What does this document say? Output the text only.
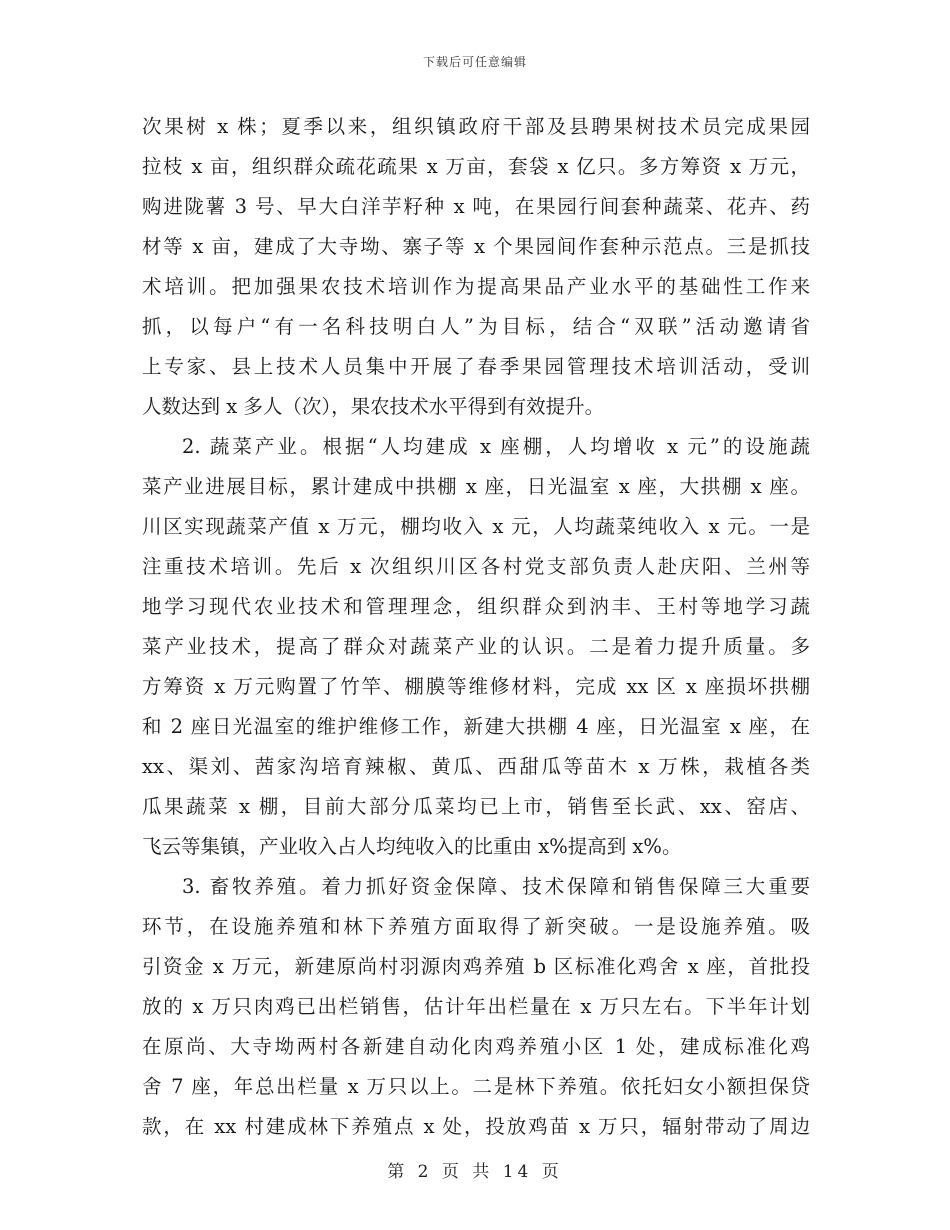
下载后可任意编辑
次果树 x 株；夏季以来，组织镇政府干部及县聘果树技术员完成果园
拉枝 x 亩，组织群众疏花疏果 x 万亩，套袋 x 亿只。多方筹资 x 万元，
购进陇薯 3 号、早大白洋芋籽种 x 吨，在果园行间套种蔬菜、花卉、药
材等 x 亩，建成了大寺坳、寨子等 x 个果园间作套种示范点。三是抓技
术培训。把加强果农技术培训作为提高果品产业水平的基础性工作来
抓，以每户“有一名科技明白人”为目标，结合“双联”活动邀请省
上专家、县上技术人员集中开展了春季果园管理技术培训活动，受训
人数达到 x 多人（次），果农技术水平得到有效提升。
2. 蔬菜产业。根据“人均建成 x 座棚，人均增收 x 元”的设施蔬
菜产业进展目标，累计建成中拱棚 x 座，日光温室 x 座，大拱棚 x 座。
川区实现蔬菜产值 x 万元，棚均收入 x 元，人均蔬菜纯收入 x 元。一是
注重技术培训。先后 x 次组织川区各村党支部负责人赴庆阳、兰州等
地学习现代农业技术和管理理念，组织群众到汭丰、王村等地学习蔬
菜产业技术，提高了群众对蔬菜产业的认识。二是着力提升质量。多
方筹资 x 万元购置了竹竿、棚膜等维修材料，完成 xx 区 x 座损坏拱棚
和 2 座日光温室的维护维修工作，新建大拱棚 4 座，日光温室 x 座，在
xx、渠刘、茜家沟培育辣椒、黄瓜、西甜瓜等苗木 x 万株，栽植各类
瓜果蔬菜 x 棚，目前大部分瓜菜均已上市，销售至长武、xx、窑店、
飞云等集镇，产业收入占人均纯收入的比重由 x%提高到 x%。
3. 畜牧养殖。着力抓好资金保障、技术保障和销售保障三大重要
环节，在设施养殖和林下养殖方面取得了新突破。一是设施养殖。吸
引资金 x 万元，新建原尚村羽源肉鸡养殖 b 区标准化鸡舍 x 座，首批投
放的 x 万只肉鸡已出栏销售，估计年出栏量在 x 万只左右。下半年计划
在原尚、大寺坳两村各新建自动化肉鸡养殖小区 1 处，建成标准化鸡
舍 7 座，年总出栏量 x 万只以上。二是林下养殖。依托妇女小额担保贷
款，在 xx 村建成林下养殖点 x 处，投放鸡苗 x 万只，辐射带动了周边
第 2 页 共 14 页
